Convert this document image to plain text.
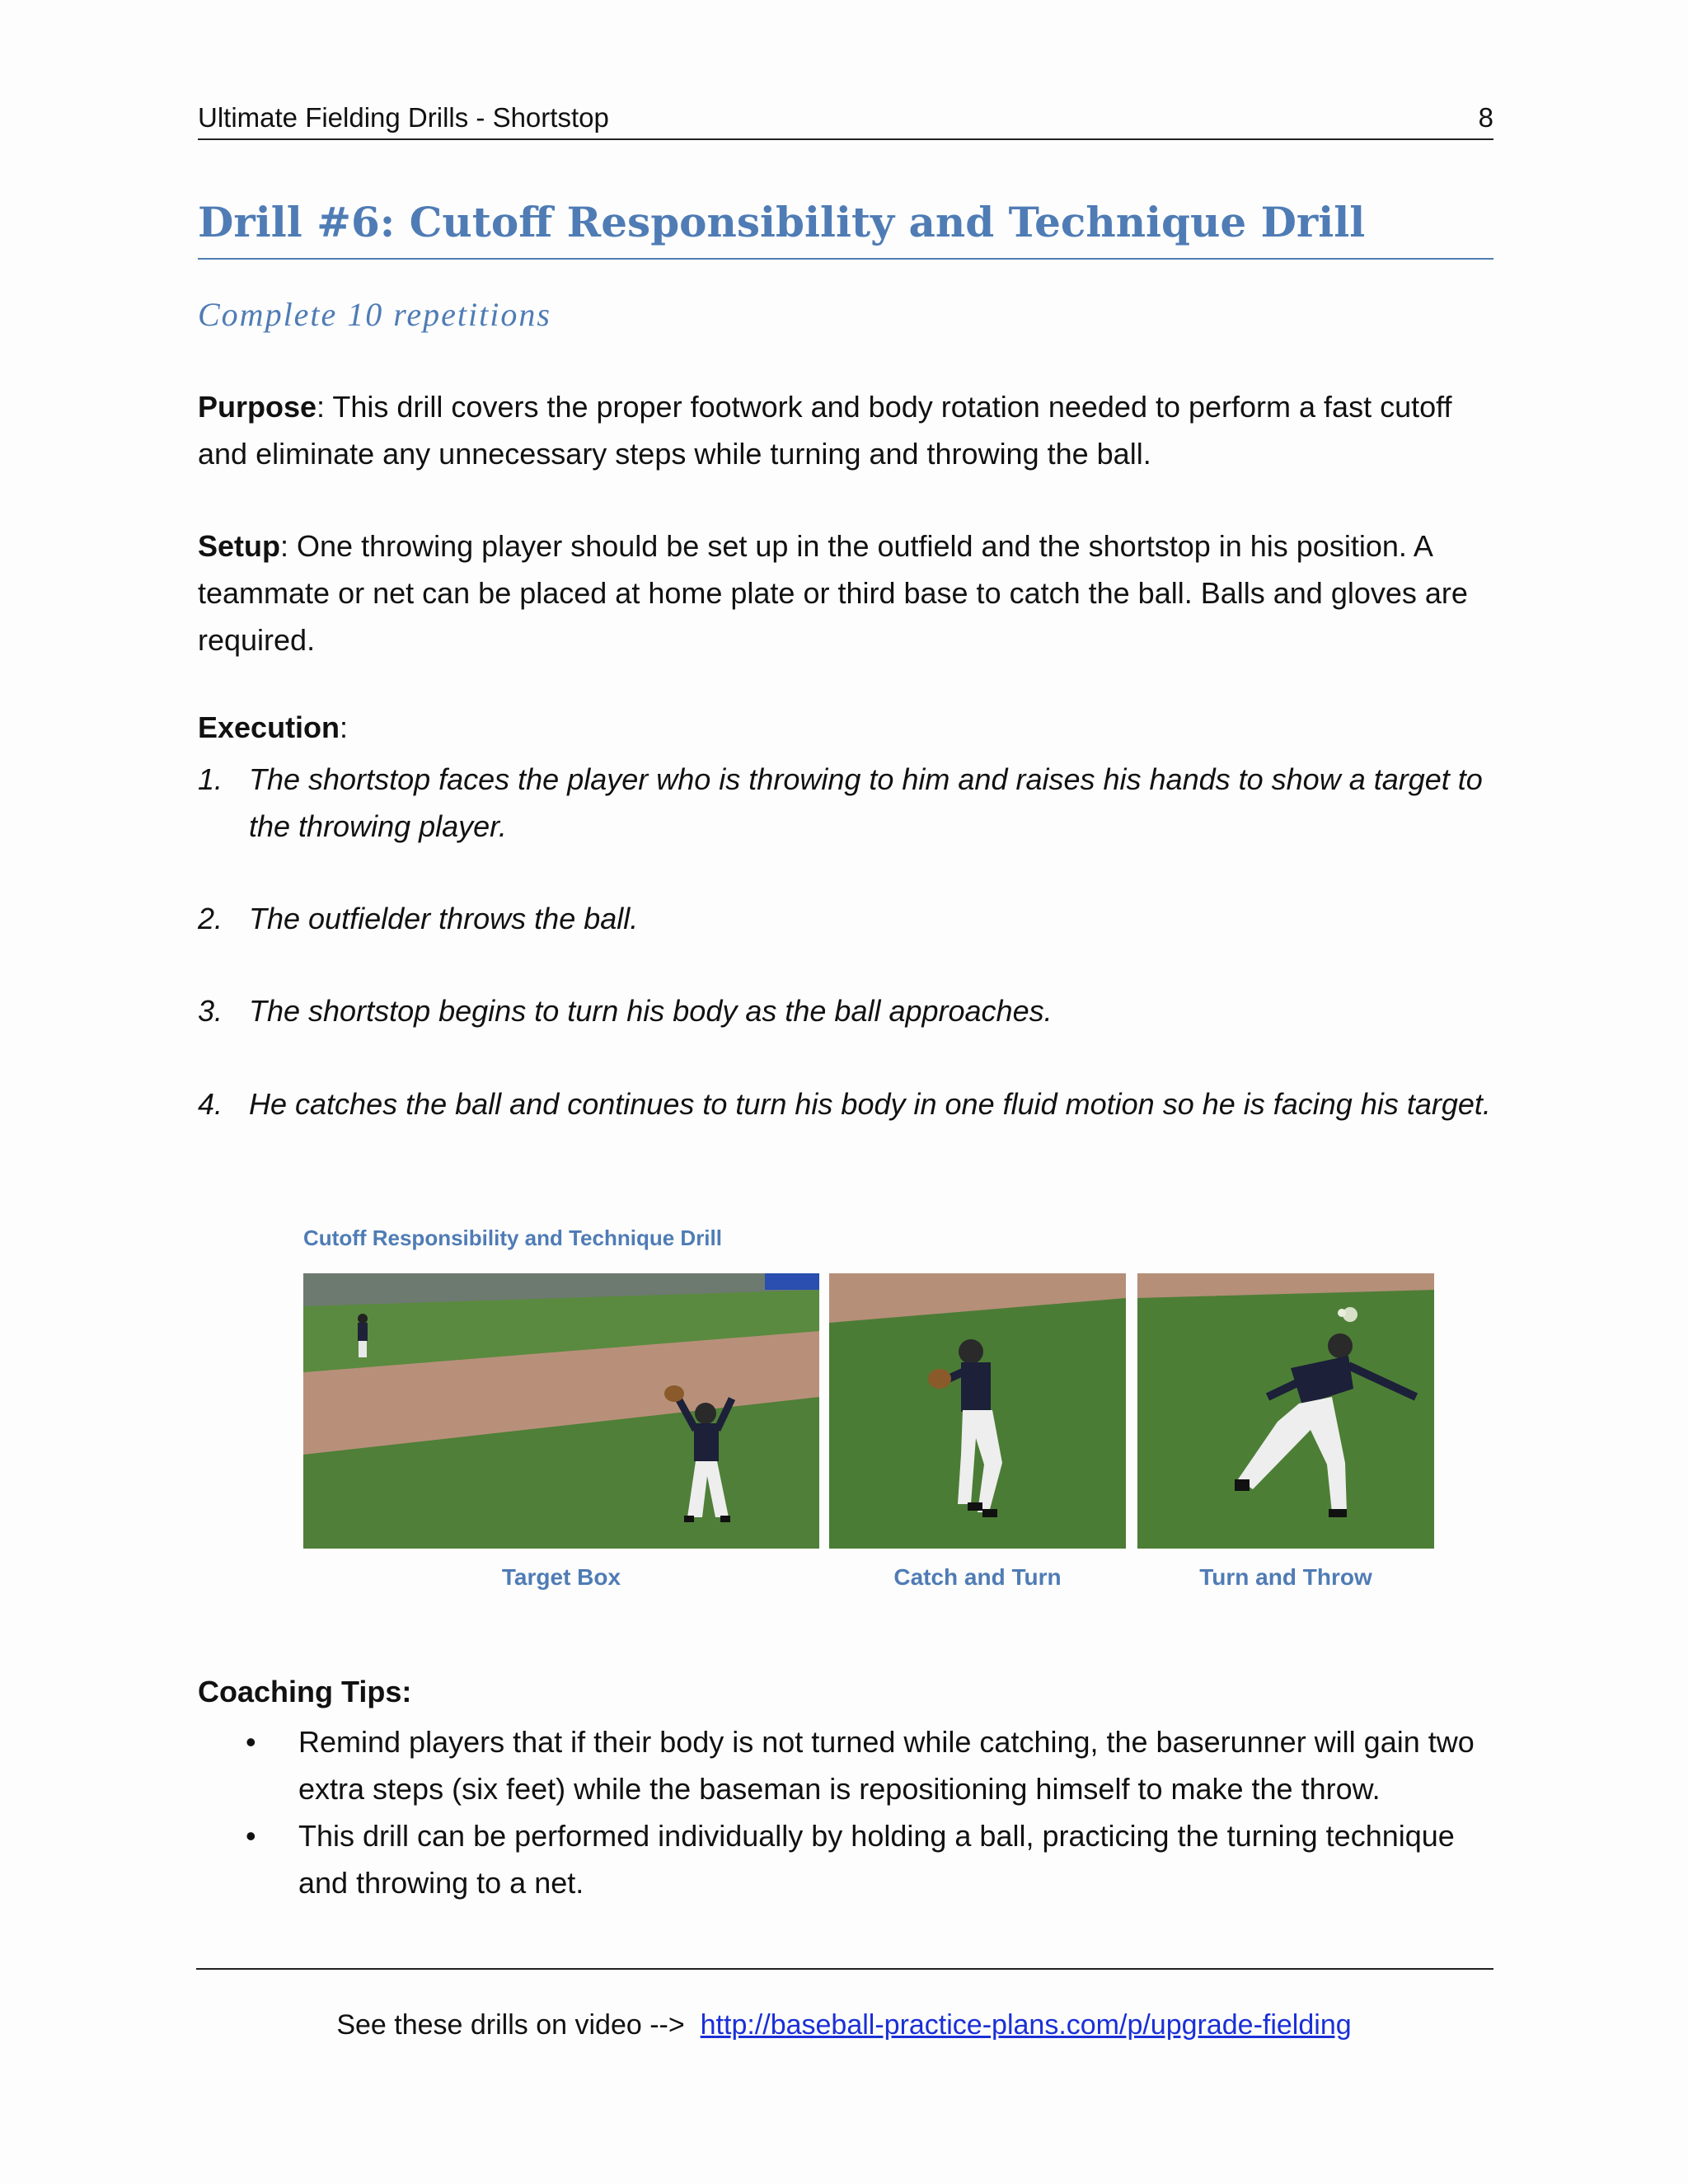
Ultimate Fielding Drills - Shortstop	8
Drill #6: Cutoff Responsibility and Technique Drill
Complete 10 repetitions
Purpose: This drill covers the proper footwork and body rotation needed to perform a fast cutoff and eliminate any unnecessary steps while turning and throwing the ball.
Setup: One throwing player should be set up in the outfield and the shortstop in his position. A teammate or net can be placed at home plate or third base to catch the ball. Balls and gloves are required.
Execution:
1. The shortstop faces the player who is throwing to him and raises his hands to show a target to the throwing player.
2. The outfielder throws the ball.
3. The shortstop begins to turn his body as the ball approaches.
4. He catches the ball and continues to turn his body in one fluid motion so he is facing his target.
Cutoff Responsibility and Technique Drill
Target Box	Catch and Turn	Turn and Throw
Coaching Tips:
•	Remind players that if their body is not turned while catching, the baserunner will gain two extra steps (six feet) while the baseman is repositioning himself to make the throw.
•	This drill can be performed individually by holding a ball, practicing the turning technique and throwing to a net.
See these drills on video --> http://baseball-practice-plans.com/p/upgrade-fielding
